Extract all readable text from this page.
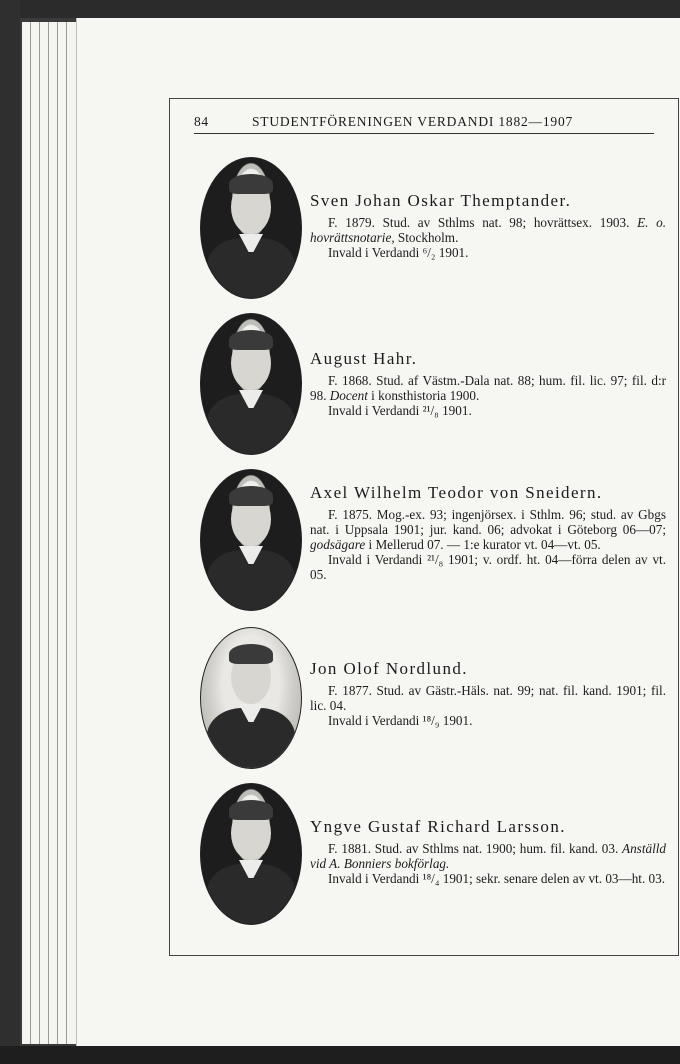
84	STUDENTFÖRENINGEN VERDANDI 1882—1907
Sven Johan Oskar Themptander.

F. 1879. Stud. av Sthlms nat. 98; hovrättsex. 1903. E. o. hovrättsnotarie, Stockholm.

Invald i Verdandi ⁶/₂ 1901.

August Hahr.

F. 1868. Stud. af Västm.-Dala nat. 88; hum. fil. lic. 97; fil. d:r 98. Docent i konsthistoria 1900.

Invald i Verdandi ²¹/₈ 1901.

Axel Wilhelm Teodor von Sneidern.

F. 1875. Mog.-ex. 93; ingenjörsex. i Sthlm. 96; stud. av Gbgs nat. i Uppsala 1901; jur. kand. 06; advokat i Göteborg 06—07; godsägare i Mellerud 07. — 1:e kurator vt. 04—vt. 05.

Invald i Verdandi ²¹/₈ 1901; v. ordf. ht. 04—förra delen av vt. 05.

Jon Olof Nordlund.

F. 1877. Stud. av Gästr.-Häls. nat. 99; nat. fil. kand. 1901; fil. lic. 04.

Invald i Verdandi ¹⁸/₉ 1901.

Yngve Gustaf Richard Larsson.

F. 1881. Stud. av Sthlms nat. 1900; hum. fil. kand. 03. Anställd vid A. Bonniers bokförlag.

Invald i Verdandi ¹⁸/₄ 1901; sekr. senare delen av vt. 03—ht. 03.
